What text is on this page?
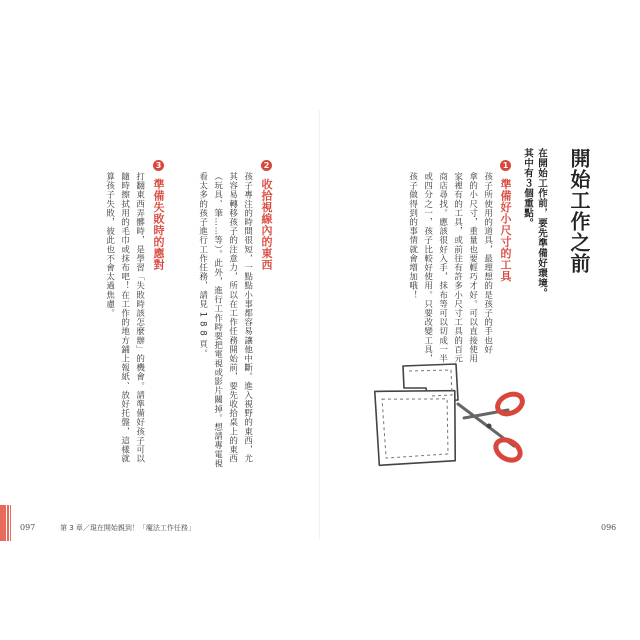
開始工作之前
在開始工作前，要先準備好環境。
其中有３個重點。
1 準備好小尺寸的工具
孩子所使用的道具，最理想的是孩子的手也好
拿的小尺寸，重量也要輕巧才好。可以直接使用
家裡有的工具，或前往有許多小尺寸工具的百元
商店尋找。應該很好入手，抹布等可以切成一半
或四分之一，孩子比較好使用。只要改變工具，
孩子做得到的事情就會增加哦！
2 收拾視線內的東西
孩子專注的時間很短，一點點小事都容易讓他中斷。進入視野的東西，尤
其容易轉移孩子的注意力，所以在工作任務開始前，要先收拾桌上的東西
（玩具、筆……等）。此外，進行工作時要把電視或影片關掉。想請專電視
看太多的孩子進行工作任務，請見 1 8 8 頁。
3 準備失敗時的應對
打翻東西弄髒時，是學習「失敗時該怎麼辦」的機會。請準備好孩子可以
隨時擦拭用的毛巾或抹布吧！在工作的地方鋪上報紙、放好托盤，這樣就
算孩子失敗，彼此也不會太過焦慮。
097	第 3 章／現在開始親到！「魔法工作任務」	096
